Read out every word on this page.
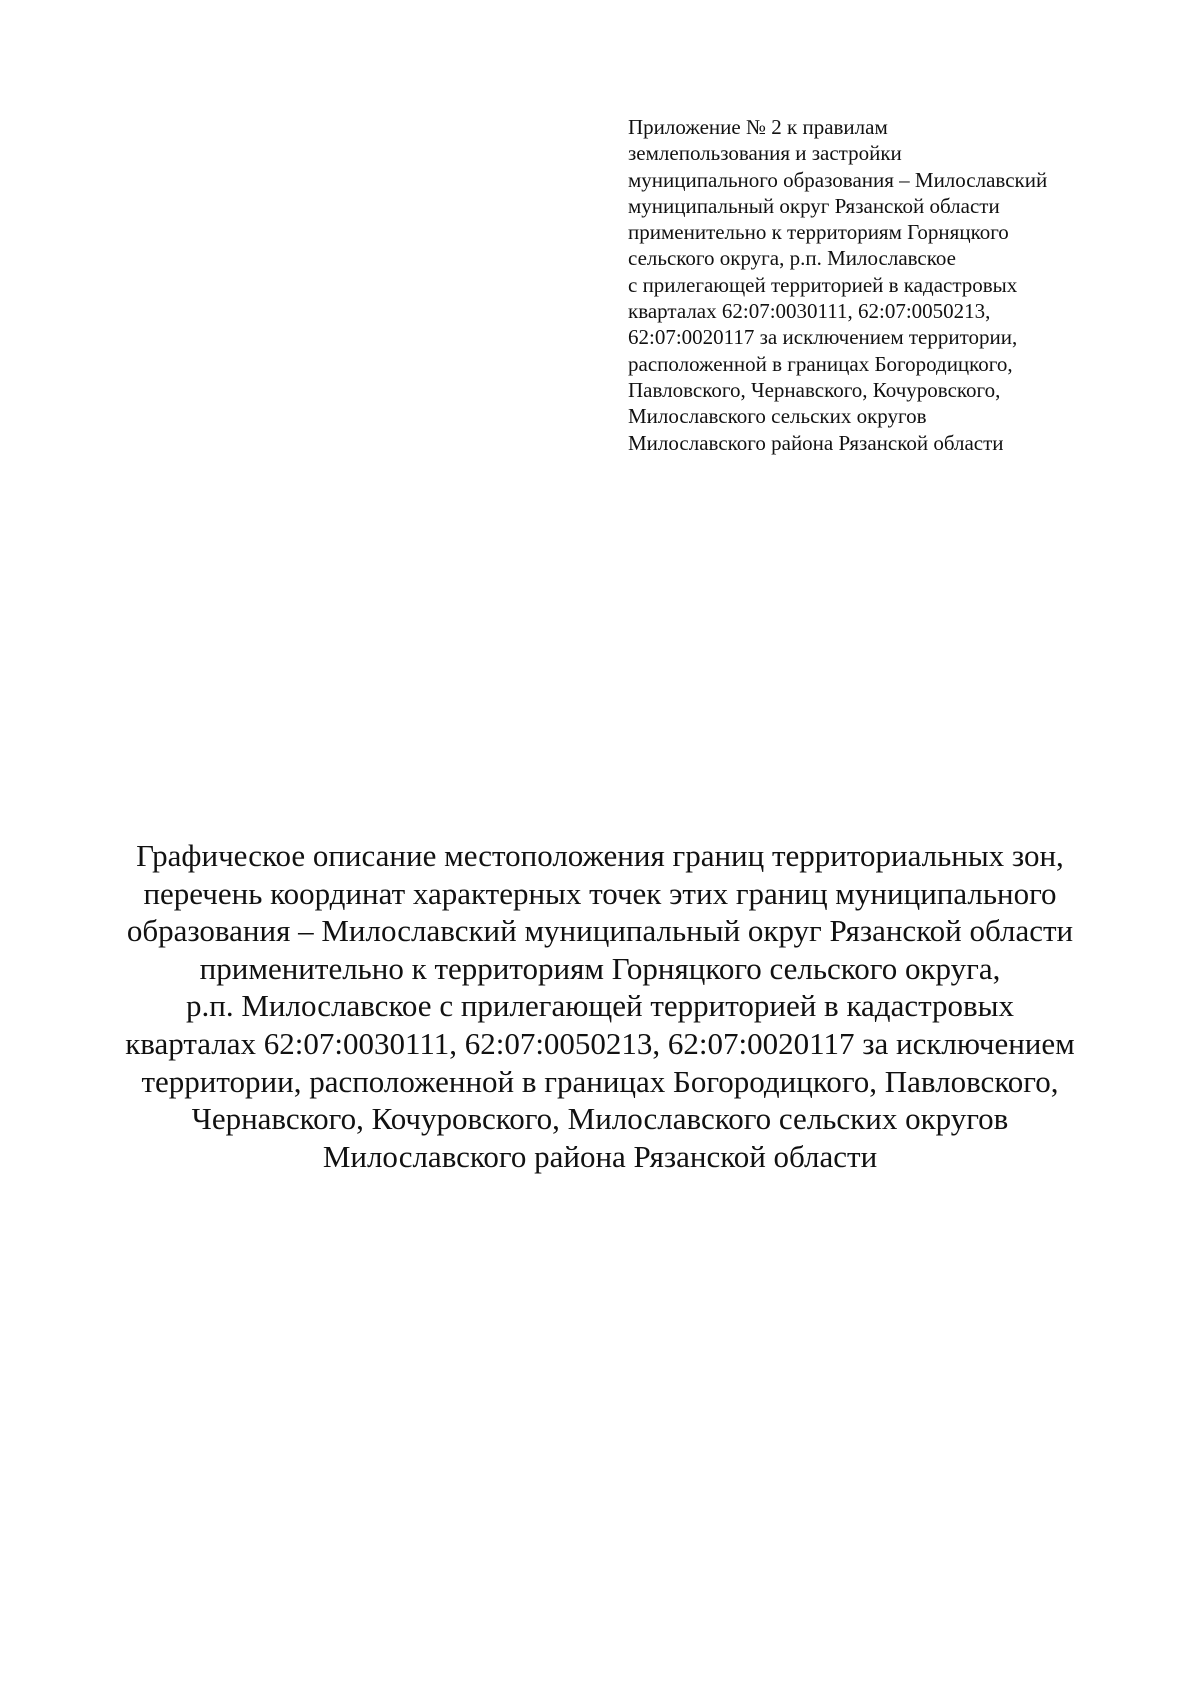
Приложение № 2 к правилам
землепользования и застройки
муниципального образования – Милославский
муниципальный округ Рязанской области
применительно к территориям Горняцкого
сельского округа, р.п. Милославское
с прилегающей территорией в кадастровых
кварталах 62:07:0030111, 62:07:0050213,
62:07:0020117 за исключением территории,
расположенной в границах Богородицкого,
Павловского, Чернавского, Кочуровского,
Милославского сельских округов
Милославского района Рязанской области
Графическое описание местоположения границ территориальных зон,
перечень координат характерных точек этих границ муниципального
образования – Милославский муниципальный округ Рязанской области
применительно к территориям Горняцкого сельского округа,
р.п. Милославское с прилегающей территорией в кадастровых
кварталах 62:07:0030111, 62:07:0050213, 62:07:0020117 за исключением
территории, расположенной в границах Богородицкого, Павловского,
Чернавского, Кочуровского, Милославского сельских округов
Милославского района Рязанской области
